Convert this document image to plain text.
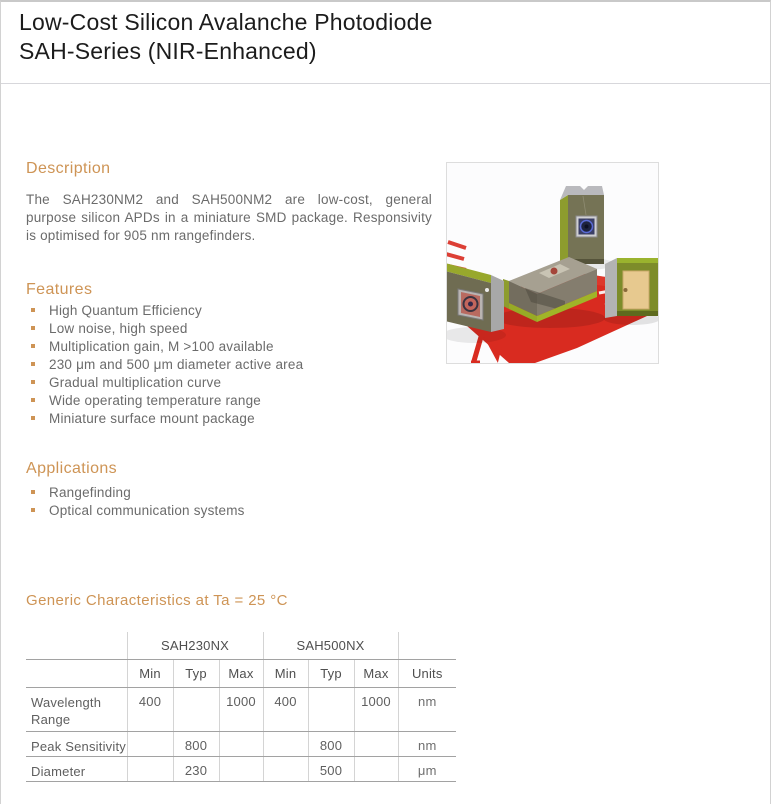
Low-Cost Silicon Avalanche Photodiode
SAH-Series (NIR-Enhanced)
Description
The SAH230NM2 and SAH500NM2 are low-cost, general purpose silicon APDs in a miniature SMD package. Responsivity is optimised for 905 nm rangefinders.
Features
High Quantum Efficiency
Low noise, high speed
Multiplication gain, M >100 available
230 μm and 500 μm diameter active area
Gradual multiplication curve
Wide operating temperature range
Miniature surface mount package
Applications
Rangefinding
Optical communication systems
Generic Characteristics at Ta = 25 °C
	SAH230NX			SAH500NX			
	Min	Typ	Max	Min	Typ	Max	Units
Wavelength Range	400		1000	400		1000	nm
Peak Sensitivity		800			800		nm
Diameter		230			500		μm
